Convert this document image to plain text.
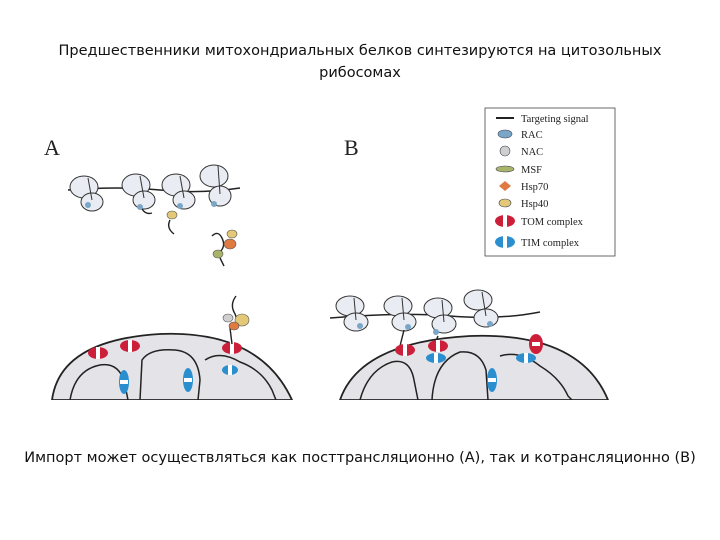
Предшественники митохондриальных белков синтезируются на цитозольных рибосомах
A	B
Targeting signal
RAC
NAC
MSF
Hsp70
Hsp40
TOM complex
TIM complex
Импорт может осуществляться как посттрансляционно (А), так и котрансляционно (В)
